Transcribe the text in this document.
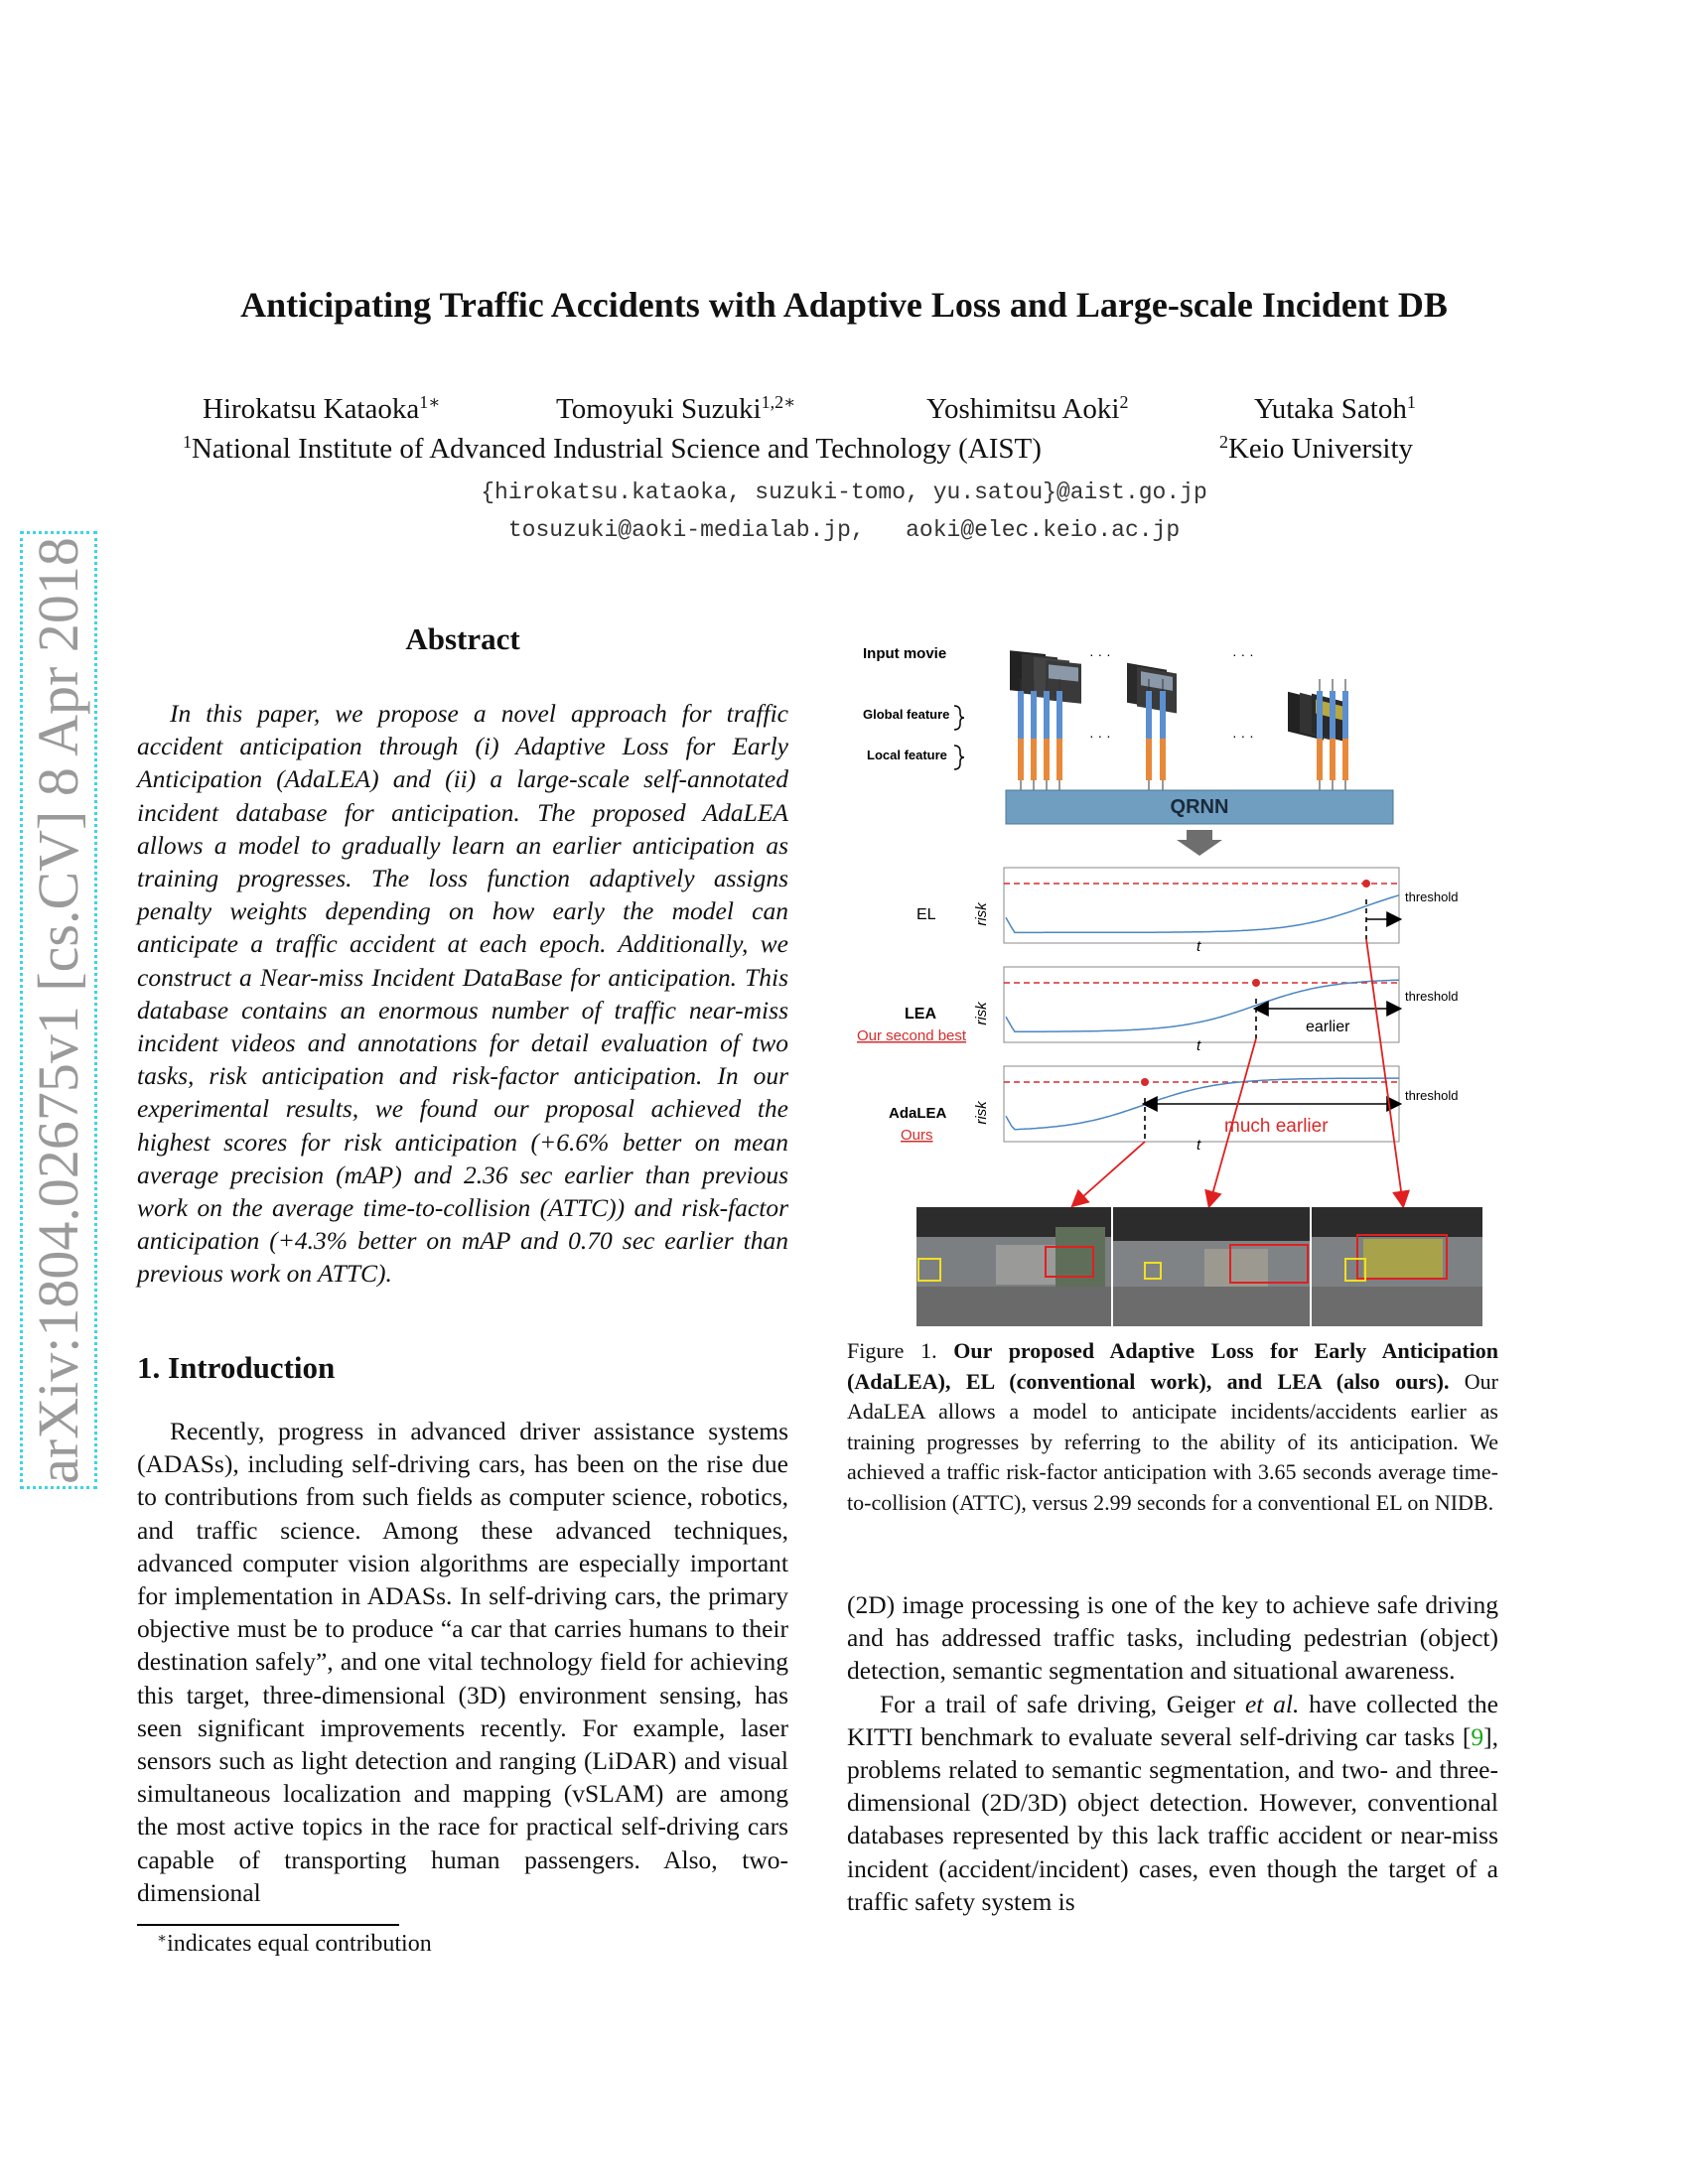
Anticipating Traffic Accidents with Adaptive Loss and Large-scale Incident DB
Hirokatsu Kataoka$^{1∗}$	Tomoyuki Suzuki$^{1,2∗}$	Yoshimitsu Aoki$^2$	Yutaka Satoh$^1$
$^1$National Institute of Advanced Industrial Science and Technology (AIST)	$^2$Keio University
{hirokatsu.kataoka, suzuki-tomo, yu.satou}@aist.go.jp
tosuzuki@aoki-medialab.jp,   aoki@elec.keio.ac.jp
arXiv:1804.02675v1 [cs.CV] 8 Apr 2018	Abstract
In this paper, we propose a novel approach for traffic accident anticipation through (i) Adaptive Loss for Early Anticipation (AdaLEA) and (ii) a large-scale self-annotated incident database for anticipation. The proposed AdaLEA allows a model to gradually learn an earlier anticipation as training progresses. The loss function adaptively assigns penalty weights depending on how early the model can anticipate a traffic accident at each epoch. Additionally, we construct a Near-miss Incident DataBase for anticipation. This database contains an enormous number of traffic near-miss incident videos and annotations for detail evaluation of two tasks, risk anticipation and risk-factor anticipation. In our experimental results, we found our proposal achieved the highest scores for risk anticipation (+6.6% better on mean average precision (mAP) and 2.36 sec earlier than previous work on the average time-to-collision (ATTC)) and risk-factor anticipation (+4.3% better on mAP and 0.70 sec earlier than previous work on ATTC).
1. Introduction

Recently, progress in advanced driver assistance systems (ADASs), including self-driving cars, has been on the rise due to contributions from such fields as computer science, robotics, and traffic science. Among these advanced techniques, advanced computer vision algorithms are especially important for implementation in ADASs. In self-driving cars, the primary objective must be to produce “a car that carries humans to their destination safely”, and one vital technology field for achieving this target, three-dimensional (3D) environment sensing, has seen significant improvements recently. For example, laser sensors such as light detection and ranging (LiDAR) and visual simultaneous localization and mapping (vSLAM) are among the most active topics in the race for practical self-driving cars capable of transporting human passengers. Also, two-dimensional

∗indicates equal contribution

(2D) image processing is one of the key to achieve safe driving and has addressed traffic tasks, including pedestrian (object) detection, semantic segmentation and situational awareness.

For a trail of safe driving, Geiger et al. have collected the KITTI benchmark to evaluate several self-driving car tasks [9], problems related to semantic segmentation, and two- and three-dimensional (2D/3D) object detection. However, conventional databases represented by this lack traffic accident or near-miss incident (accident/incident) cases, even though the target of a traffic safety system is

Figure 1. Our proposed Adaptive Loss for Early Anticipation (AdaLEA), EL (conventional work), and LEA (also ours). Our AdaLEA allows a model to anticipate incidents/accidents earlier as training progresses by referring to the ability of its anticipation. We achieved a traffic risk-factor anticipation with 3.65 seconds average time-to-collision (ATTC), versus 2.99 seconds for a conventional EL on NIDB.
Input movie
Global feature
Local feature
· · ·	· · ·
· · ·	· · ·
QRNN
EL
LEA
Our second best
AdaLEA
Ours
risk
risk
risk
t
t
t
threshold
threshold
threshold
earlier
much earlier
